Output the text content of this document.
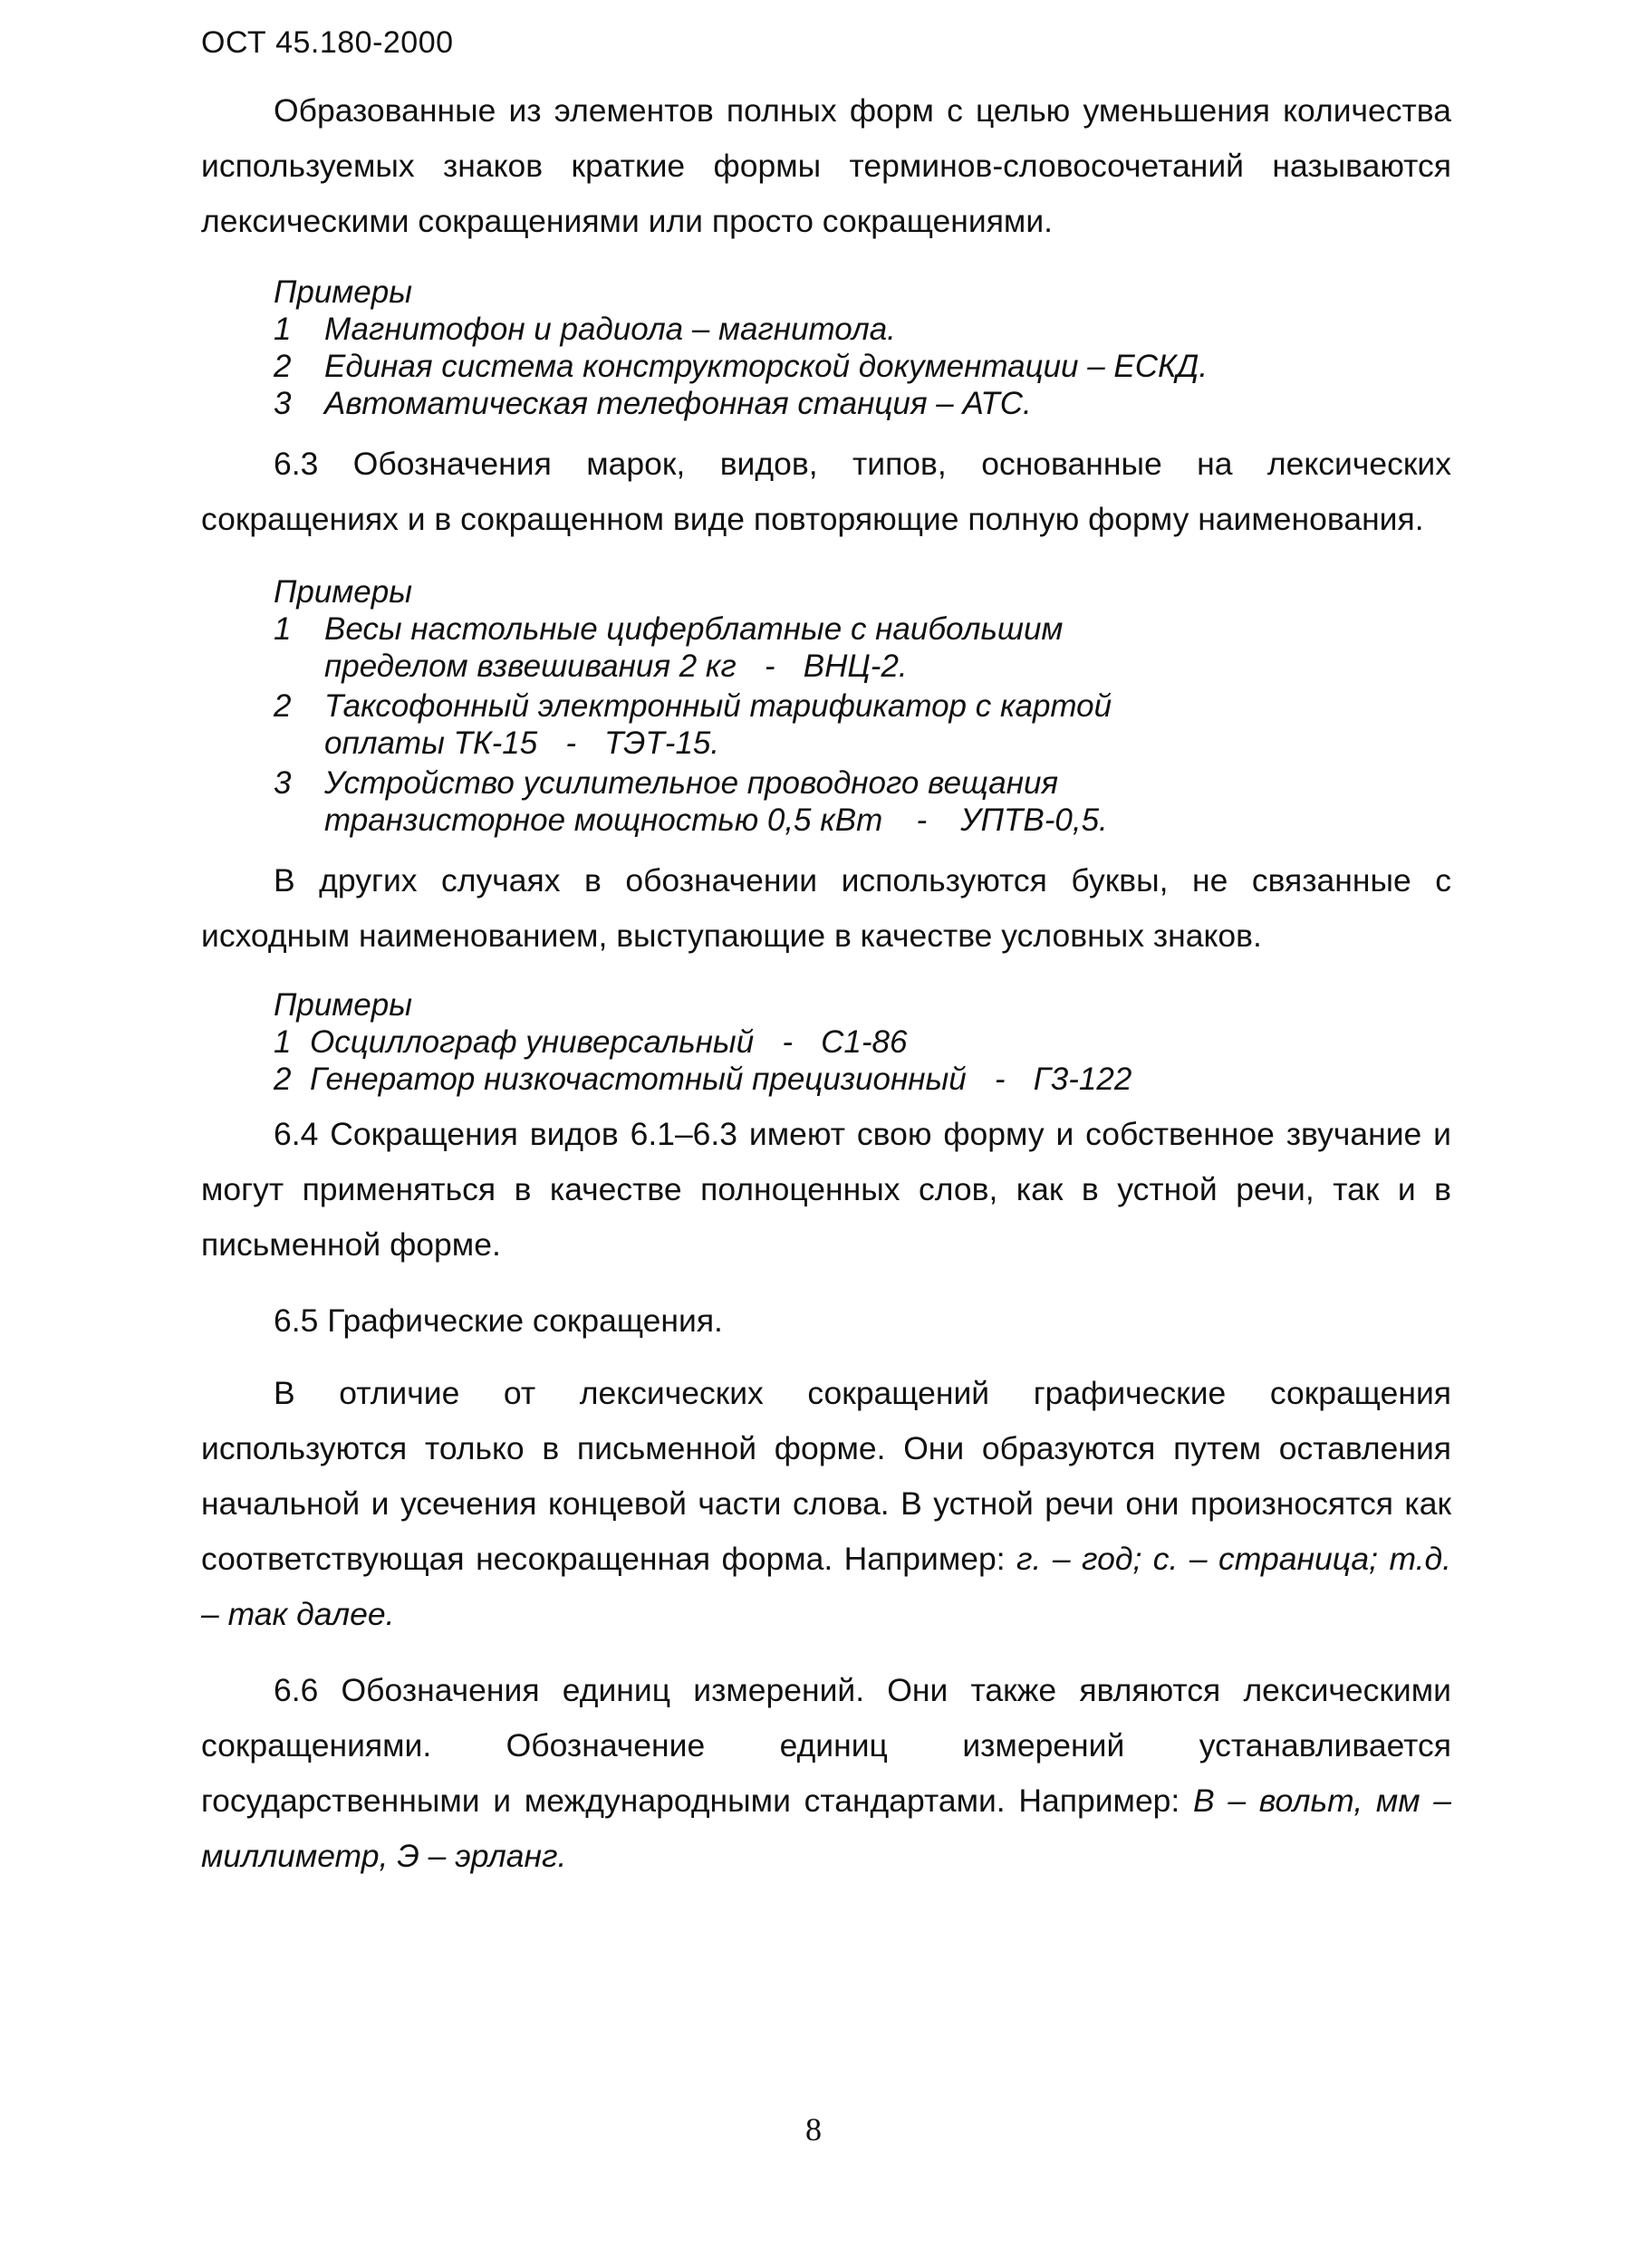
ОСТ 45.180-2000

Образованные из элементов полных форм с целью уменьшения количества используемых знаков краткие формы терминов-словосочетаний называются лексическими сокращениями или просто сокращениями.

Примеры

1 Магнитофон и радиола – магнитола.

2 Единая система конструкторской документации – ЕСКД.

3 Автоматическая телефонная станция – АТС.

6.3 Обозначения марок, видов, типов, основанные на лексических сокращениях и в сокращенном виде повторяющие полную форму наименования.

Примеры

1 Весы настольные циферблатные с наибольшим

пределом взвешивания 2 кг - ВНЦ-2.

2 Таксофонный электронный тарификатор с картой

оплаты ТК-15 - ТЭТ-15.

3 Устройство усилительное проводного вещания

транзисторное мощностью 0,5 кВт - УПТВ-0,5.

В других случаях в обозначении используются буквы, не связанные с исходным наименованием, выступающие в качестве условных знаков.

Примеры

1 Осциллограф универсальный - С1-86

2 Генератор низкочастотный прецизионный - Г3-122

6.4 Сокращения видов 6.1–6.3 имеют свою форму и собственное звучание и могут применяться в качестве полноценных слов, как в устной речи, так и в письменной форме.

6.5 Графические сокращения.

В отличие от лексических сокращений графические сокращения используются только в письменной форме. Они образуются путем оставления начальной и усечения концевой части слова. В устной речи они произносятся как соответствующая несокращенная форма. Например: г. – год; с. – страница; т.д. – так далее.

6.6 Обозначения единиц измерений. Они также являются лексическими сокращениями. Обозначение единиц измерений устанавливается государственными и международными стандартами. Например: В – вольт, мм – миллиметр, Э – эрланг.

8
